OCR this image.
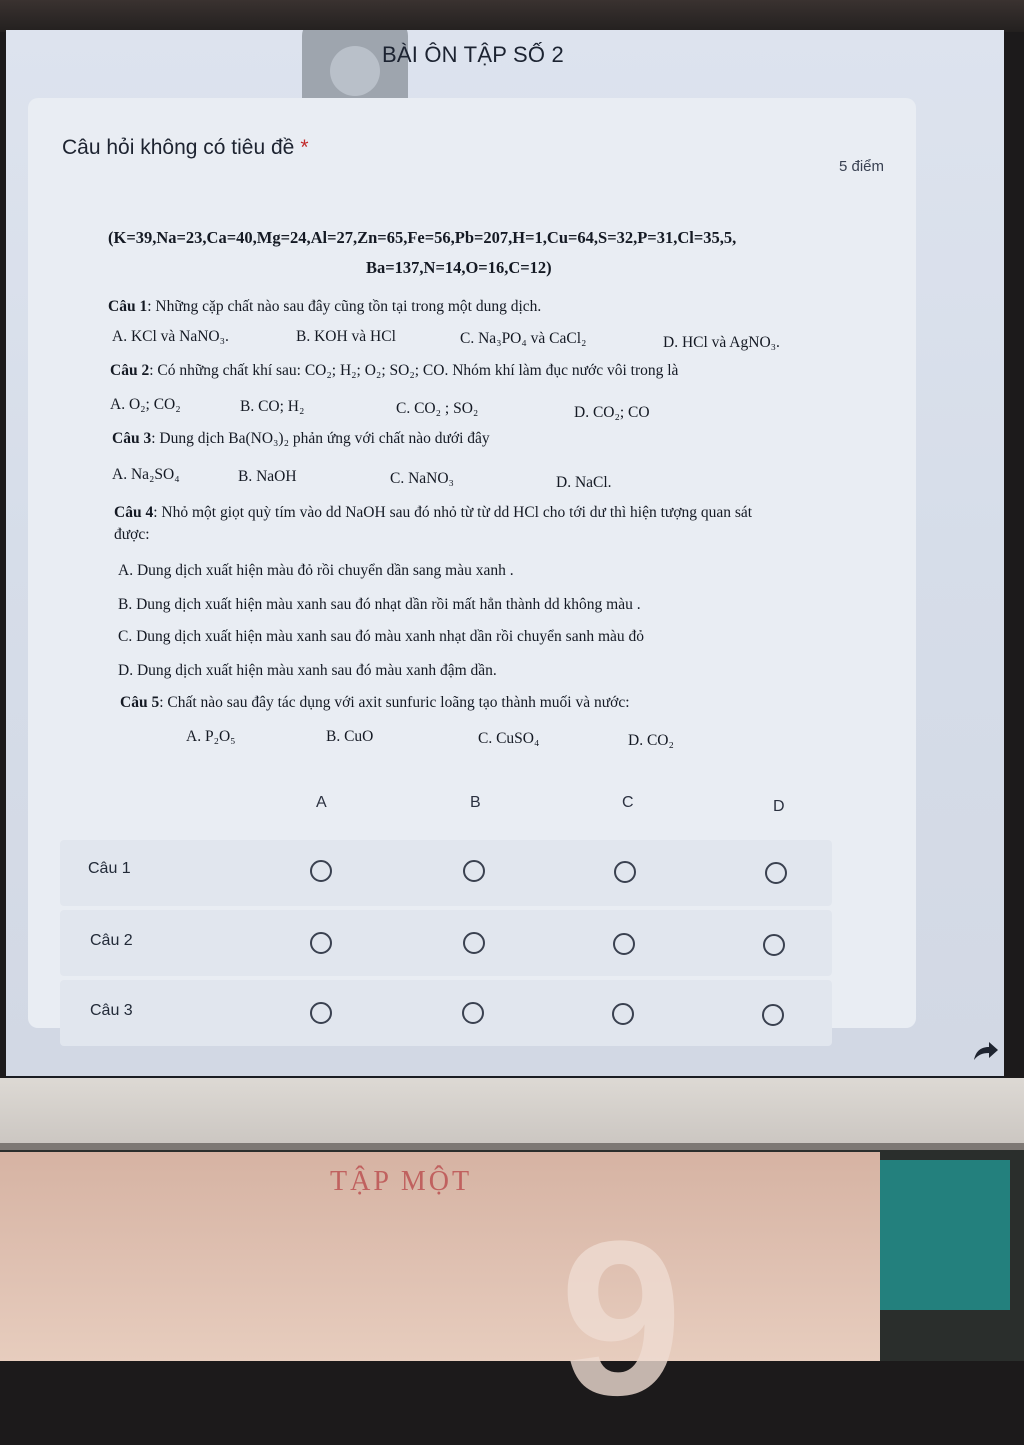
BÀI ÔN TẬP SỐ 2
Câu hỏi không có tiêu đề *
5 điểm
(K=39,Na=23,Ca=40,Mg=24,Al=27,Zn=65,Fe=56,Pb=207,H=1,Cu=64,S=32,P=31,Cl=35,5,
Ba=137,N=14,O=16,C=12)
Câu 1: Những cặp chất nào sau đây cũng tồn tại trong một dung dịch.
A. KCl và NaNO₃.	B. KOH và HCl	C. Na₃PO₄ và CaCl₂	D. HCl và AgNO₃.
Câu 2: Có những chất khí sau: CO₂; H₂; O₂; SO₂; CO. Nhóm khí làm đục nước vôi trong là
A. O₂; CO₂	B. CO; H₂	C. CO₂ ; SO₂	D. CO₂; CO
Câu 3: Dung dịch Ba(NO₃)₂ phản ứng với chất nào dưới đây
A. Na₂SO₄	B. NaOH	C. NaNO₃	D. NaCl.
Câu 4: Nhỏ một giọt quỳ tím vào dd NaOH sau đó nhỏ từ từ dd HCl cho tới dư thì hiện tượng quan sát
được:
A. Dung dịch xuất hiện màu đỏ rồi chuyển dần sang màu xanh .
B. Dung dịch xuất hiện màu xanh sau đó nhạt dần rồi mất hẳn thành dd không màu .
C. Dung dịch xuất hiện màu xanh sau đó màu xanh nhạt dần rồi chuyển sanh màu đỏ
D. Dung dịch xuất hiện màu xanh sau đó màu xanh đậm dần.
Câu 5: Chất nào sau đây tác dụng với axit sunfuric loãng tạo thành muối và nước:
A. P₂O₅	B. CuO	C. CuSO₄	D. CO₂
A	B	C	D
Câu 1
Câu 2
Câu 3
TẬP MỘT
9
